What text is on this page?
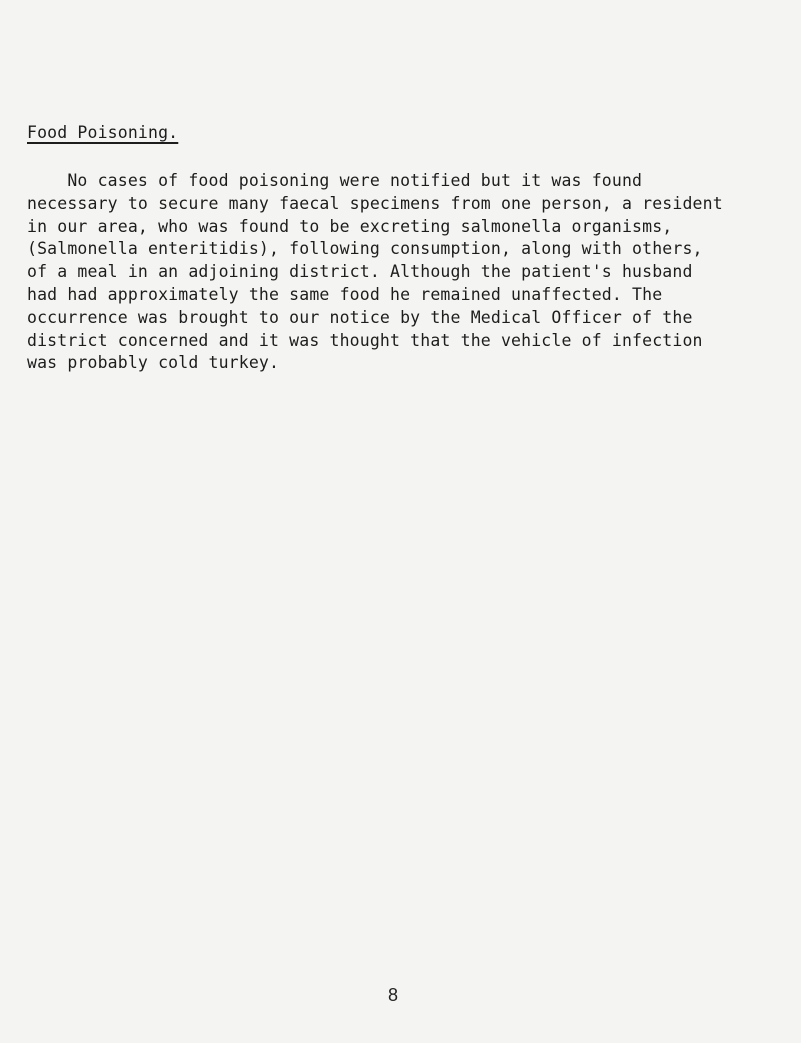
Food Poisoning.
No cases of food poisoning were notified but it was found
necessary to secure many faecal specimens from one person, a resident
in our area, who was found to be excreting salmonella organisms,
(Salmonella enteritidis), following consumption, along with others,
of a meal in an adjoining district. Although the patient's husband
had had approximately the same food he remained unaffected. The
occurrence was brought to our notice by the Medical Officer of the
district concerned and it was thought that the vehicle of infection
was probably cold turkey.
8
